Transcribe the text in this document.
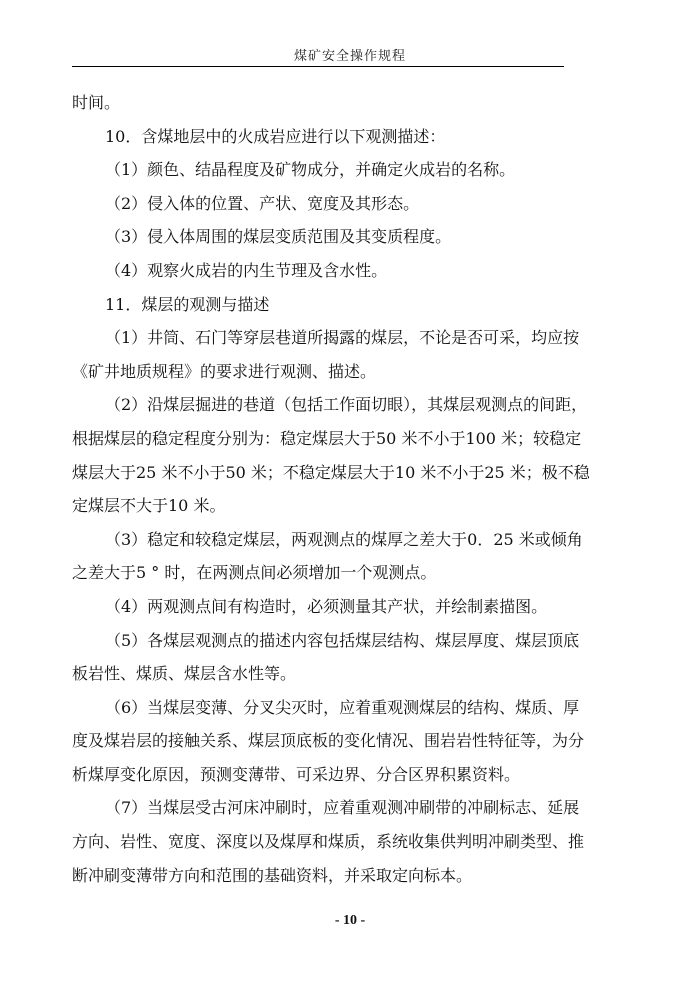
煤矿安全操作规程

时间。

10．含煤地层中的火成岩应进行以下观测描述：

（1）颜色、结晶程度及矿物成分，并确定火成岩的名称。

（2）侵入体的位置、产状、宽度及其形态。

（3）侵入体周围的煤层变质范围及其变质程度。

（4）观察火成岩的内生节理及含水性。

11．煤层的观测与描述

（1）井筒、石门等穿层巷道所揭露的煤层，不论是否可采，均应按

《矿井地质规程》的要求进行观测、描述。

（2）沿煤层掘进的巷道（包括工作面切眼），其煤层观测点的间距，

根据煤层的稳定程度分别为：稳定煤层大于50 米不小于100 米；较稳定

煤层大于25 米不小于50 米；不稳定煤层大于10 米不小于25 米；极不稳

定煤层不大于10 米。

（3）稳定和较稳定煤层，两观测点的煤厚之差大于0．25 米或倾角

之差大于5 ° 时，在两测点间必须增加一个观测点。

（4）两观测点间有构造时，必须测量其产状，并绘制素描图。

（5）各煤层观测点的描述内容包括煤层结构、煤层厚度、煤层顶底

板岩性、煤质、煤层含水性等。

（6）当煤层变薄、分叉尖灭时，应着重观测煤层的结构、煤质、厚

度及煤岩层的接触关系、煤层顶底板的变化情况、围岩岩性特征等，为分

析煤厚变化原因，预测变薄带、可采边界、分合区界积累资料。

（7）当煤层受古河床冲刷时，应着重观测冲刷带的冲刷标志、延展

方向、岩性、宽度、深度以及煤厚和煤质，系统收集供判明冲刷类型、推

断冲刷变薄带方向和范围的基础资料，并采取定向标本。

- 10 -
